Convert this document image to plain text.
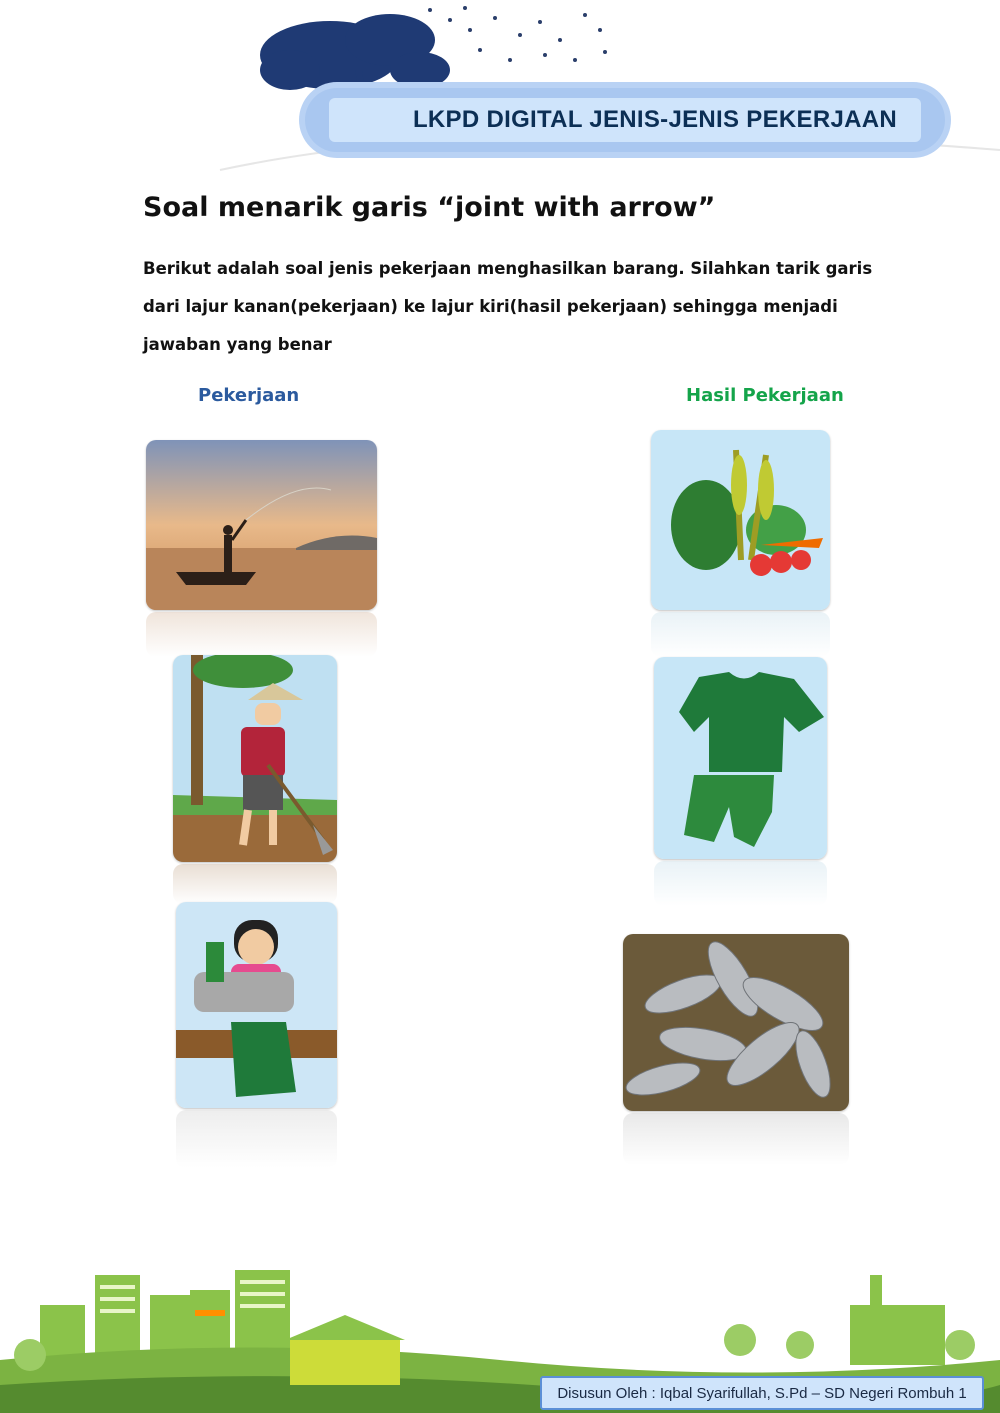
LKPD DIGITAL JENIS-JENIS PEKERJAAN
Soal menarik garis “joint with arrow”
Berikut adalah soal jenis pekerjaan menghasilkan barang. Silahkan tarik garis dari lajur kanan(pekerjaan) ke lajur kiri(hasil pekerjaan) sehingga menjadi jawaban yang benar
Pekerjaan	Hasil Pekerjaan
Disusun Oleh : Iqbal Syarifullah, S.Pd – SD Negeri Rombuh 1
